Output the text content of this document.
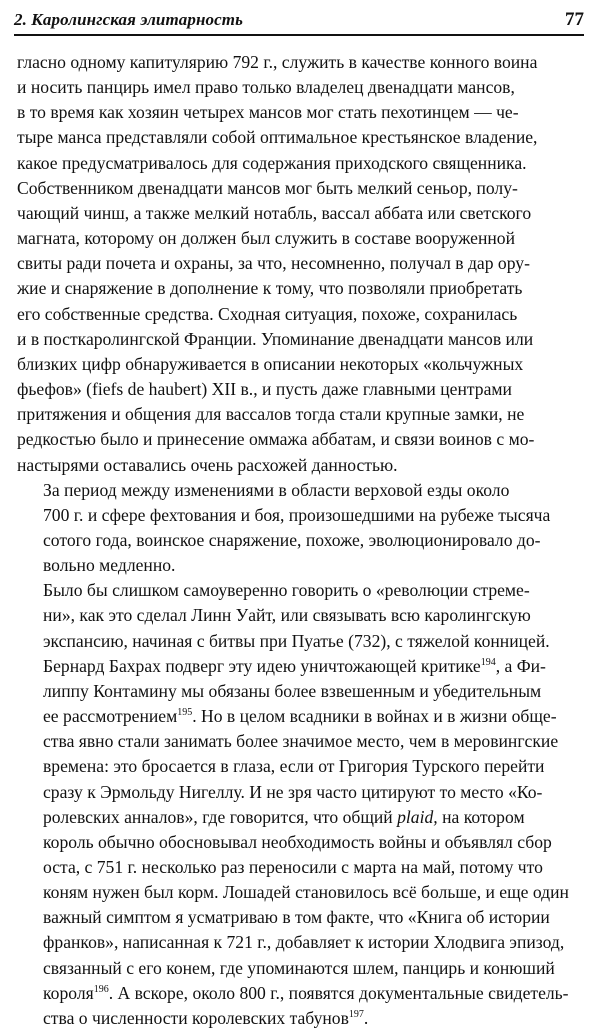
2. Каролингская элитарность	77

гласно одному капитулярию 792 г., служить в качестве конного воина
и носить панцирь имел право только владелец двенадцати мансов,
в то время как хозяин четырех мансов мог стать пехотинцем — че-
тыре манса представляли собой оптимальное крестьянское владение,
какое предусматривалось для содержания приходского священника.
Собственником двенадцати мансов мог быть мелкий сеньор, полу-
чающий чинш, а также мелкий нотабль, вассал аббата или светского
магната, которому он должен был служить в составе вооруженной
свиты ради почета и охраны, за что, несомненно, получал в дар ору-
жие и снаряжение в дополнение к тому, что позволяли приобретать
его собственные средства. Сходная ситуация, похоже, сохранилась
и в посткаролингской Франции. Упоминание двенадцати мансов или
близких цифр обнаруживается в описании некоторых «кольчужных
фьефов» (fiefs de haubert) XII в., и пусть даже главными центрами
притяжения и общения для вассалов тогда стали крупные замки, не
редкостью было и принесение оммажа аббатам, и связи воинов с мо-
настырями оставались очень расхожей данностью.

За период между изменениями в области верховой езды около
700 г. и сфере фехтования и боя, произошедшими на рубеже тысяча
сотого года, воинское снаряжение, похоже, эволюционировало до-
вольно медленно.

Было бы слишком самоуверенно говорить о «революции стреме-
ни», как это сделал Линн Уайт, или связывать всю каролингскую
экспансию, начиная с битвы при Пуатье (732), с тяжелой конницей.
Бернард Бахрах подверг эту идею уничтожающей критике$^{194}$, а Фи-
липпу Контамину мы обязаны более взвешенным и убедительным
ее рассмотрением$^{195}$. Но в целом всадники в войнах и в жизни обще-
ства явно стали занимать более значимое место, чем в меровингские
времена: это бросается в глаза, если от Григория Турского перейти
сразу к Эрмольду Нигеллу. И не зря часто цитируют то место «Ко-
ролевских анналов», где говорится, что общий plaid, на котором
король обычно обосновывал необходимость войны и объявлял сбор
оста, с 751 г. несколько раз переносили с марта на май, потому что
коням нужен был корм. Лошадей становилось всё больше, и еще один
важный симптом я усматриваю в том факте, что «Книга об истории
франков», написанная к 721 г., добавляет к истории Хлодвига эпизод,
связанный с его конем, где упоминаются шлем, панцирь и конюший
короля$^{196}$. А вскоре, около 800 г., появятся документальные свидетель-
ства о численности королевских табунов$^{197}$.
